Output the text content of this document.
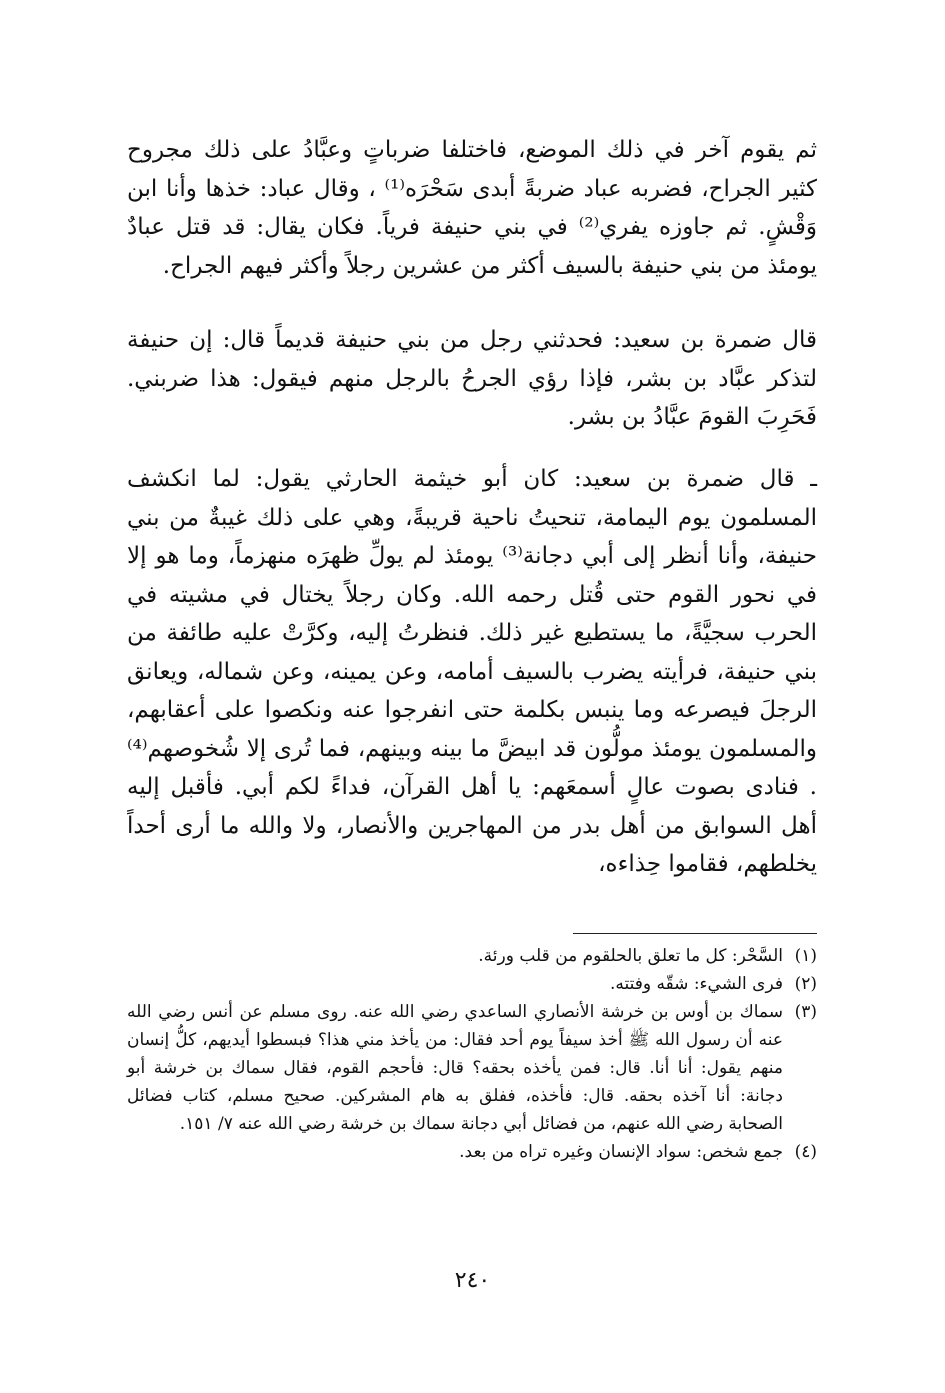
ثم يقوم آخر في ذلك الموضع، فاختلفا ضرباتٍ وعبَّادُ على ذلك مجروح كثير الجراح، فضربه عباد ضربةً أبدى سَحْرَه⁽¹⁾ ، وقال عباد: خذها وأنا ابن وَقْشٍ. ثم جاوزه يفري⁽²⁾ في بني حنيفة فرياً. فكان يقال: قد قتل عبادٌ يومئذ من بني حنيفة بالسيف أكثر من عشرين رجلاً وأكثر فيهم الجراح.
قال ضمرة بن سعيد: فحدثني رجل من بني حنيفة قديماً قال: إن حنيفة لتذكر عبَّاد بن بشر، فإذا رؤي الجرحُ بالرجل منهم فيقول: هذا ضربني. فَحَرِبَ القومَ عبَّادُ بن بشر.
ـ قال ضمرة بن سعيد: كان أبو خيثمة الحارثي يقول: لما انكشف المسلمون يوم اليمامة، تنحيتُ ناحية قريبةً، وهي على ذلك غيبةٌ من بني حنيفة، وأنا أنظر إلى أبي دجانة⁽³⁾ يومئذ لم يولِّ ظهرَه منهزماً، وما هو إلا في نحور القوم حتى قُتل رحمه الله. وكان رجلاً يختال في مشيته في الحرب سجيَّةً، ما يستطيع غير ذلك. فنظرتُ إليه، وكرَّتْ عليه طائفة من بني حنيفة، فرأيته يضرب بالسيف أمامه، وعن يمينه، وعن شماله، ويعانق الرجلَ فيصرعه وما ينبس بكلمة حتى انفرجوا عنه ونكصوا على أعقابهم، والمسلمون يومئذ مولُّون قد ابيضَّ ما بينه وبينهم، فما تُرى إلا شُخوصهم⁽⁴⁾ . فنادى بصوت عالٍ أسمعَهم: يا أهل القرآن، فداءً لكم أبي. فأقبل إليه أهل السوابق من أهل بدر من المهاجرين والأنصار، ولا والله ما أرى أحداً يخلطهم، فقاموا حِذاءه،
(١)
السَّحْر: كل ما تعلق بالحلقوم من قلب ورئة.
(٢)
فرى الشيء: شقّه وفتته.
(٣)
سماك بن أوس بن خرشة الأنصاري الساعدي رضي الله عنه. روى مسلم عن أنس رضي الله عنه أن رسول الله ﷺ أخذ سيفاً يوم أحد فقال: من يأخذ مني هذا؟ فبسطوا أيديهم، كلُّ إنسان منهم يقول: أنا أنا. قال: فمن يأخذه بحقه؟ قال: فأحجم القوم، فقال سماك بن خرشة أبو دجانة: أنا آخذه بحقه. قال: فأخذه، ففلق به هام المشركين. صحيح مسلم، كتاب فضائل الصحابة رضي الله عنهم، من فضائل أبي دجانة سماك بن خرشة رضي الله عنه ٧/ ١٥١.
(٤)
جمع شخص: سواد الإنسان وغيره تراه من بعد.
٢٤٠
